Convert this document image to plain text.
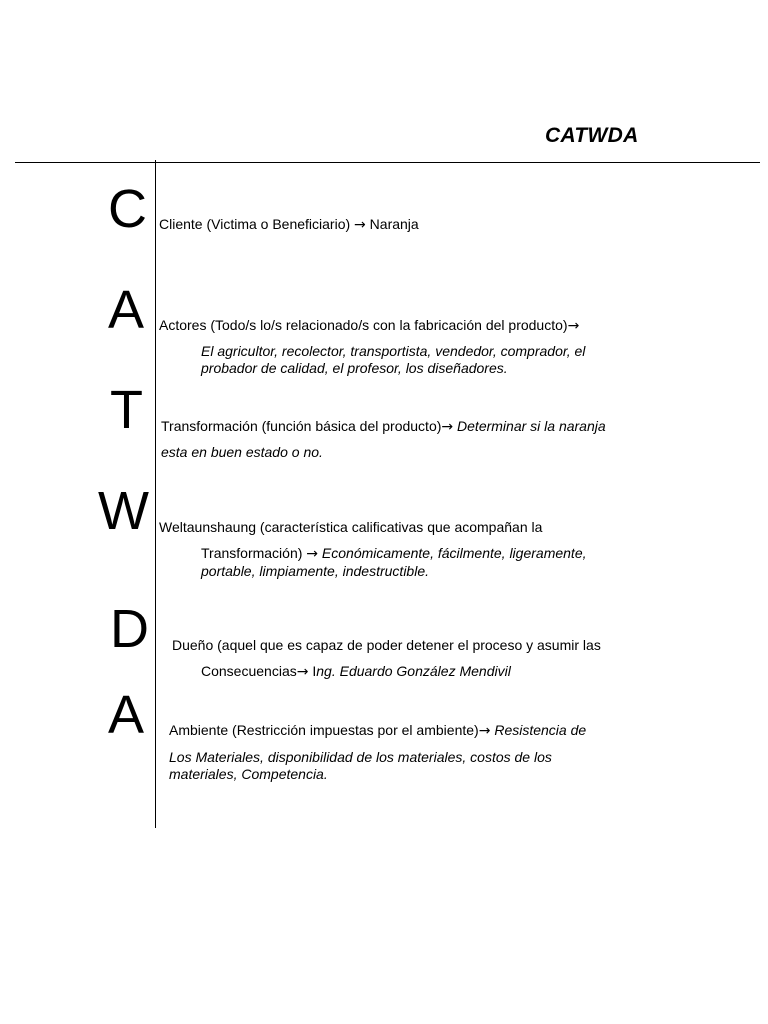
CATWDA
C Cliente (Victima o Beneficiario) → Naranja
A Actores (Todo/s lo/s relacionado/s con la fabricación del producto)→
El agricultor, recolector, transportista, vendedor, comprador, el
probador de calidad, el profesor, los diseñadores.
T Transformación (función básica del producto)→ Determinar si la naranja
esta en buen estado o no.
W Weltaunshaung (característica calificativas que acompañan la
Transformación) → Económicamente, fácilmente, ligeramente,
portable, limpiamente, indestructible.
D Dueño (aquel que es capaz de poder detener el proceso y asumir las
Consecuencias→ Ing. Eduardo González Mendivil
A Ambiente (Restricción impuestas por el ambiente)→ Resistencia de
Los Materiales, disponibilidad de los materiales, costos de los
materiales, Competencia.
